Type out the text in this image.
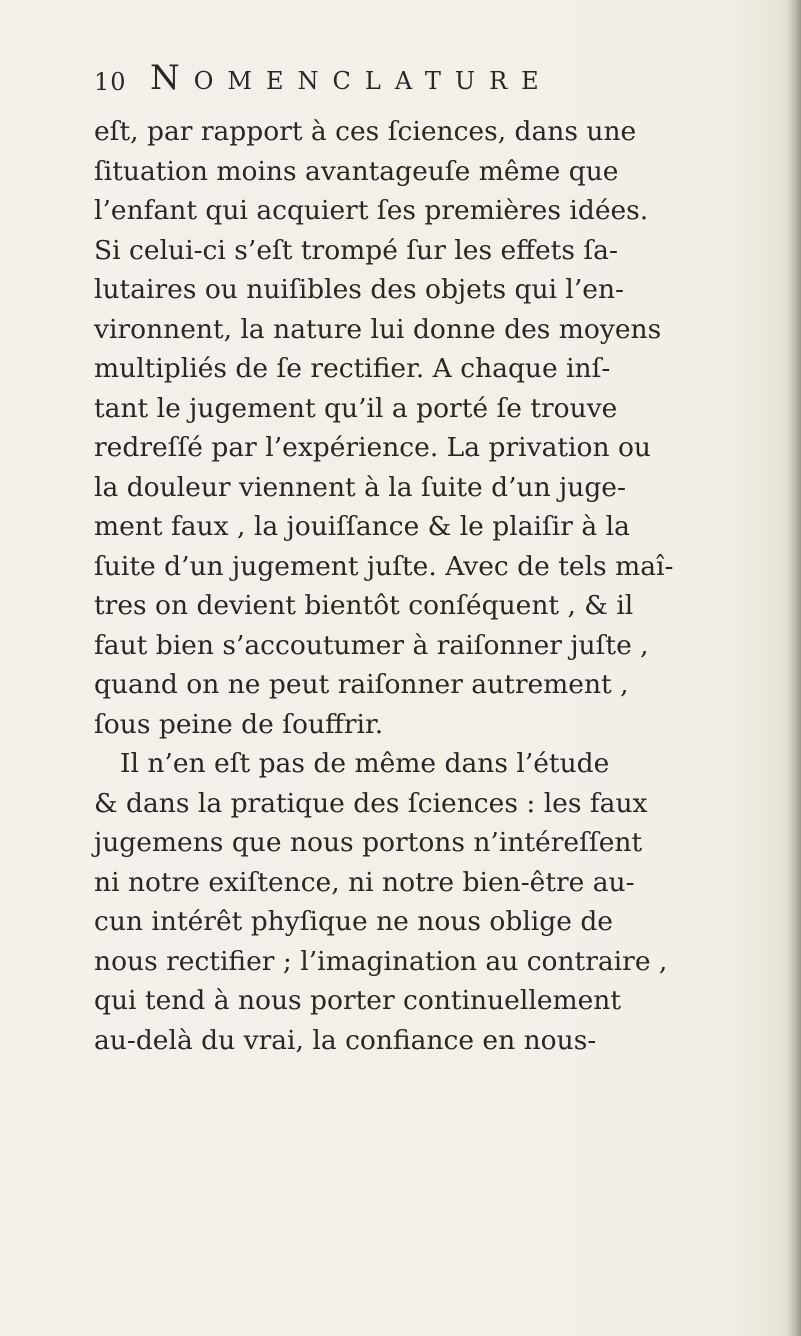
10 Nomenclature
eſt, par rapport à ces ſciences, dans une
ſituation moins avantageuſe même que
l’enfant qui acquiert ſes premières idées.
Si celui-ci s’eſt trompé ſur les effets ſa-
lutaires ou nuiſibles des objets qui l’en-
vironnent, la nature lui donne des moyens
multipliés de ſe rectifier. A chaque inſ-
tant le jugement qu’il a porté ſe trouve
redreſſé par l’expérience. La privation ou
la douleur viennent à la ſuite d’un juge-
ment faux , la jouiſſance & le plaiſir à la
ſuite d’un jugement juſte. Avec de tels maî-
tres on devient bientôt conſéquent , & il
faut bien s’accoutumer à raiſonner juſte ,
quand on ne peut raiſonner autrement ,
ſous peine de ſouffrir.
Il n’en eſt pas de même dans l’étude
& dans la pratique des ſciences : les faux
jugemens que nous portons n’intéreſſent
ni notre exiſtence, ni notre bien-être au-
cun intérêt phyſique ne nous oblige de
nous rectifier ; l’imagination au contraire ,
qui tend à nous porter continuellement
au-delà du vrai, la confiance en nous-
